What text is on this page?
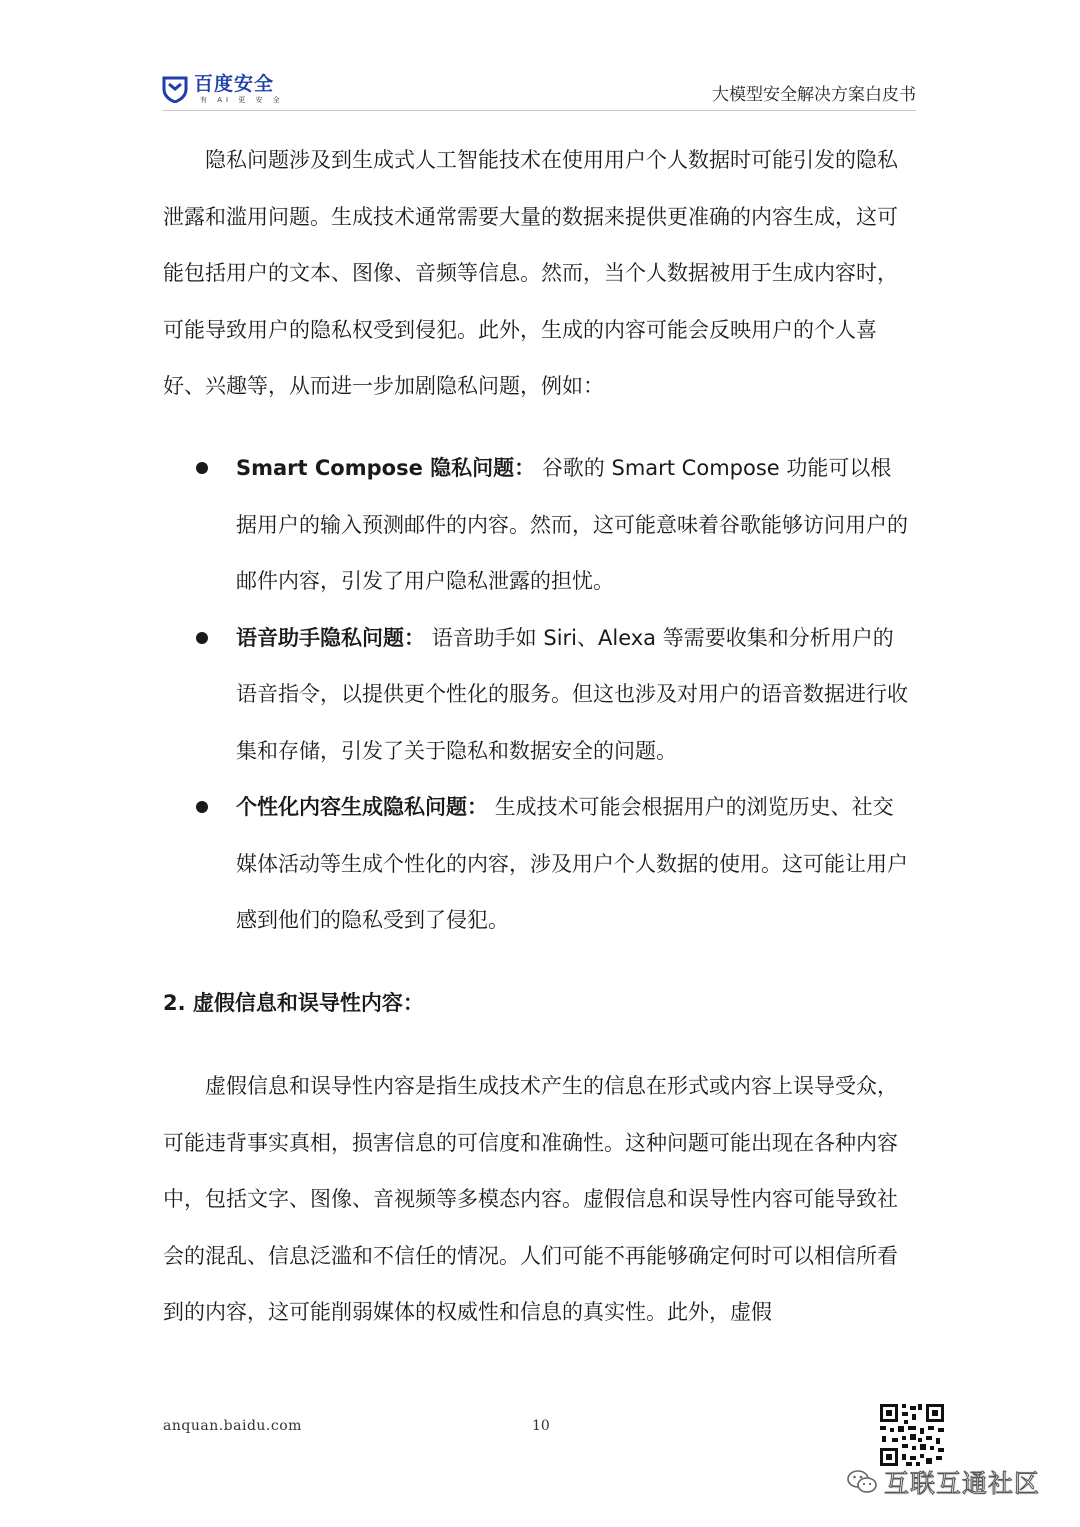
百度安全
有 AI 更 安 全	大模型安全解决方案白皮书

隐私问题涉及到生成式人工智能技术在使用用户个人数据时可能引发的隐私泄露和滥用问题。生成技术通常需要大量的数据来提供更准确的内容生成，这可能包括用户的文本、图像、音频等信息。然而，当个人数据被用于生成内容时，可能导致用户的隐私权受到侵犯。此外，生成的内容可能会反映用户的个人喜好、兴趣等，从而进一步加剧隐私问题，例如：

Smart Compose 隐私问题： 谷歌的 Smart Compose 功能可以根据用户的输入预测邮件的内容。然而，这可能意味着谷歌能够访问用户的邮件内容，引发了用户隐私泄露的担忧。
语音助手隐私问题： 语音助手如 Siri、Alexa 等需要收集和分析用户的语音指令，以提供更个性化的服务。但这也涉及对用户的语音数据进行收集和存储，引发了关于隐私和数据安全的问题。
个性化内容生成隐私问题： 生成技术可能会根据用户的浏览历史、社交媒体活动等生成个性化的内容，涉及用户个人数据的使用。这可能让用户感到他们的隐私受到了侵犯。
2. 虚假信息和误导性内容：

虚假信息和误导性内容是指生成技术产生的信息在形式或内容上误导受众，可能违背事实真相，损害信息的可信度和准确性。这种问题可能出现在各种内容中，包括文字、图像、音视频等多模态内容。虚假信息和误导性内容可能导致社会的混乱、信息泛滥和不信任的情况。人们可能不再能够确定何时可以相信所看到的内容，这可能削弱媒体的权威性和信息的真实性。此外，虚假

anquan.baidu.com	10
互联互通社区
